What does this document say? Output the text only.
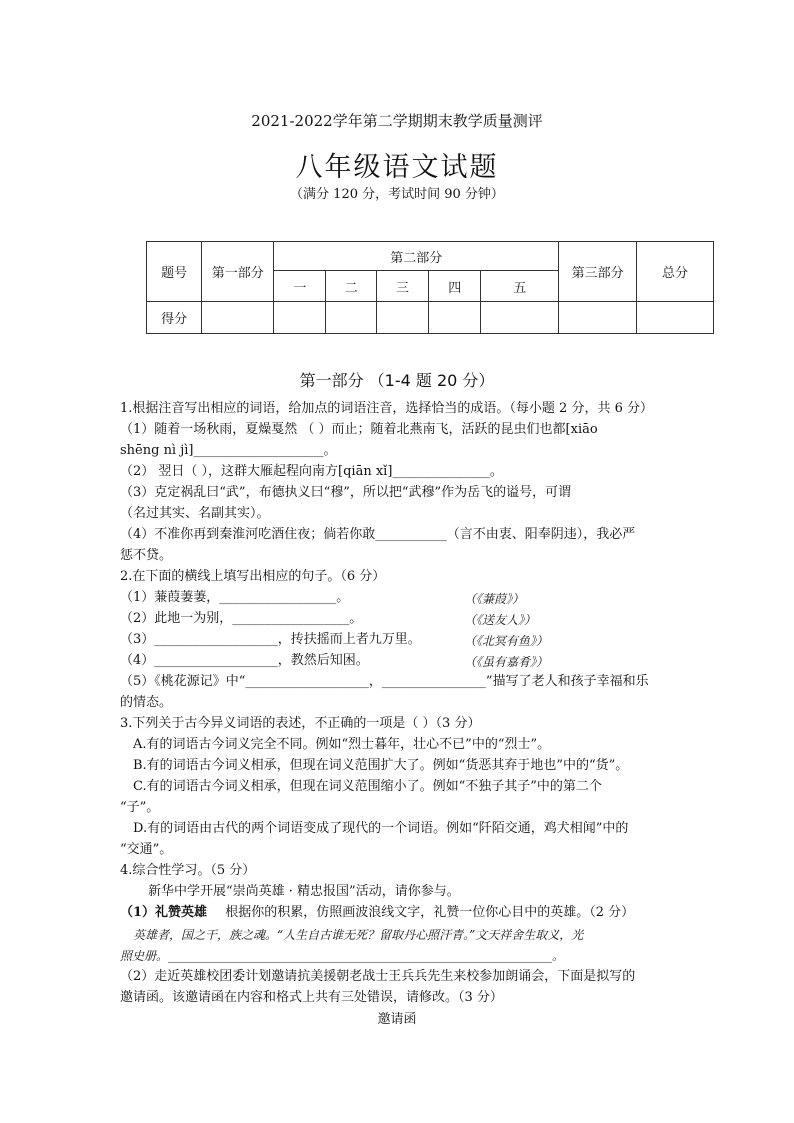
2021-2022学年第二学期期末教学质量测评
八年级语文试题
（满分 120 分，考试时间 90 分钟）
题号	第一部分	第二部分					第三部分	总分
		一	二	三	四	五		
得分								
第一部分 （1-4 题 20 分）
1.根据注音写出相应的词语，给加点的词语注音，选择恰当的成语。（每小题 2 分，共 6 分）
（1）随着一场秋雨，夏燥戛然 （ ）而止；随着北燕南飞，活跃的昆虫们也都[xiāo
shēng nì jì]____________________。
（2） 翌日（ ），这群大雁起程向南方[qiān xǐ]_______________。
（3）克定祸乱曰“武”，布德执义曰“穆”，所以把“武穆”作为岳飞的谥号，可谓
（名过其实、名副其实）。
（4）不准你再到秦淮河吃酒住夜；倘若你敢___________（言不由衷、阳奉阴违），我必严
惩不贷。
2.在下面的横线上填写出相应的句子。（6 分）
（1）蒹葭萋萋，__________________。	（《蒹葭》）
（2）此地一为别，__________________。	（《送友人》）
（3）___________________，抟扶摇而上者九万里。	（《北冥有鱼》）
（4）___________________，教然后知困。	（《虽有嘉肴》）
（5）《桃花源记》中“___________________，________________”描写了老人和孩子幸福和乐
的情态。
3.下列关于古今异义词语的表述，不正确的一项是（ ）（3 分）
A.有的词语古今词义完全不同。例如“烈士暮年，壮心不已”中的“烈士”。
B.有的词语古今词义相承，但现在词义范围扩大了。例如“货恶其弃于地也”中的“货”。
C.有的词语古今词义相承，但现在词义范围缩小了。例如“不独子其子”中的第二个
“子”。
D.有的词语由古代的两个词语变成了现代的一个词语。例如“阡陌交通，鸡犬相闻”中的
“交通”。
4.综合性学习。（5 分）
新华中学开展“崇尚英雄 · 精忠报国”活动，请你参与。
（1）礼赞英雄 根据你的积累，仿照画波浪线文字，礼赞一位你心目中的英雄。（2 分）
英雄者，国之干，族之魂。“人生自古谁无死？留取丹心照汗青。”文天祥舍生取义，光
照史册。________________________________________________________________。
（2）走近英雄校团委计划邀请抗美援朝老战士王兵兵先生来校参加朗诵会，下面是拟写的
邀请函。该邀请函在内容和格式上共有三处错误，请修改。（3 分）
邀请函
